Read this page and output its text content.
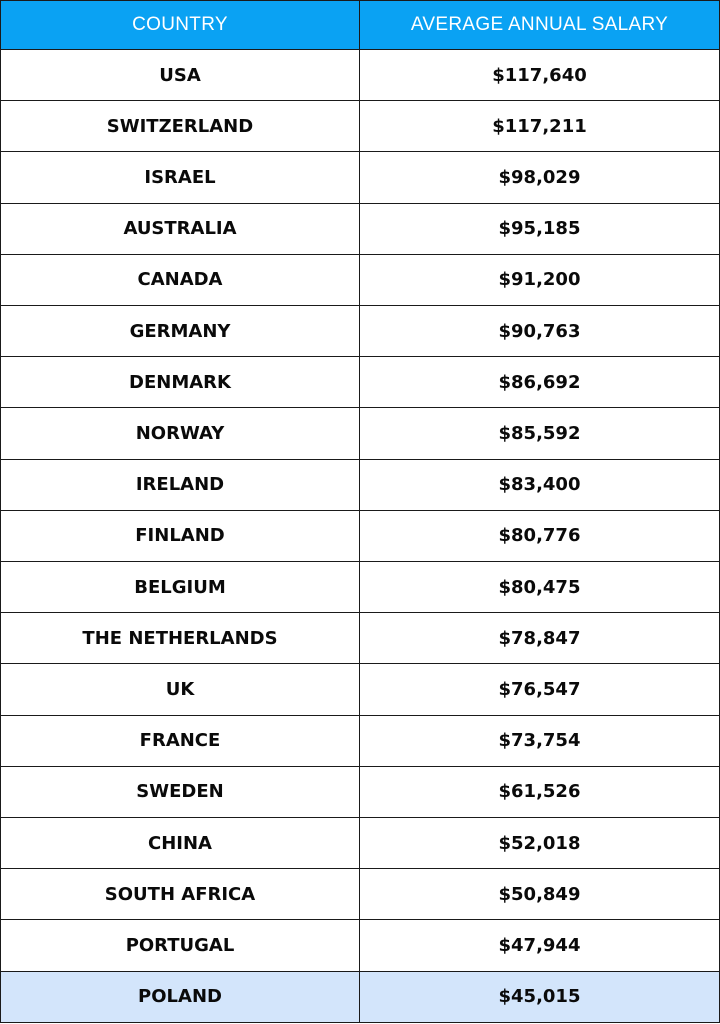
COUNTRY	AVERAGE ANNUAL SALARY
USA	$117,640
SWITZERLAND	$117,211
ISRAEL	$98,029
AUSTRALIA	$95,185
CANADA	$91,200
GERMANY	$90,763
DENMARK	$86,692
NORWAY	$85,592
IRELAND	$83,400
FINLAND	$80,776
BELGIUM	$80,475
THE NETHERLANDS	$78,847
UK	$76,547
FRANCE	$73,754
SWEDEN	$61,526
CHINA	$52,018
SOUTH AFRICA	$50,849
PORTUGAL	$47,944
POLAND	$45,015
